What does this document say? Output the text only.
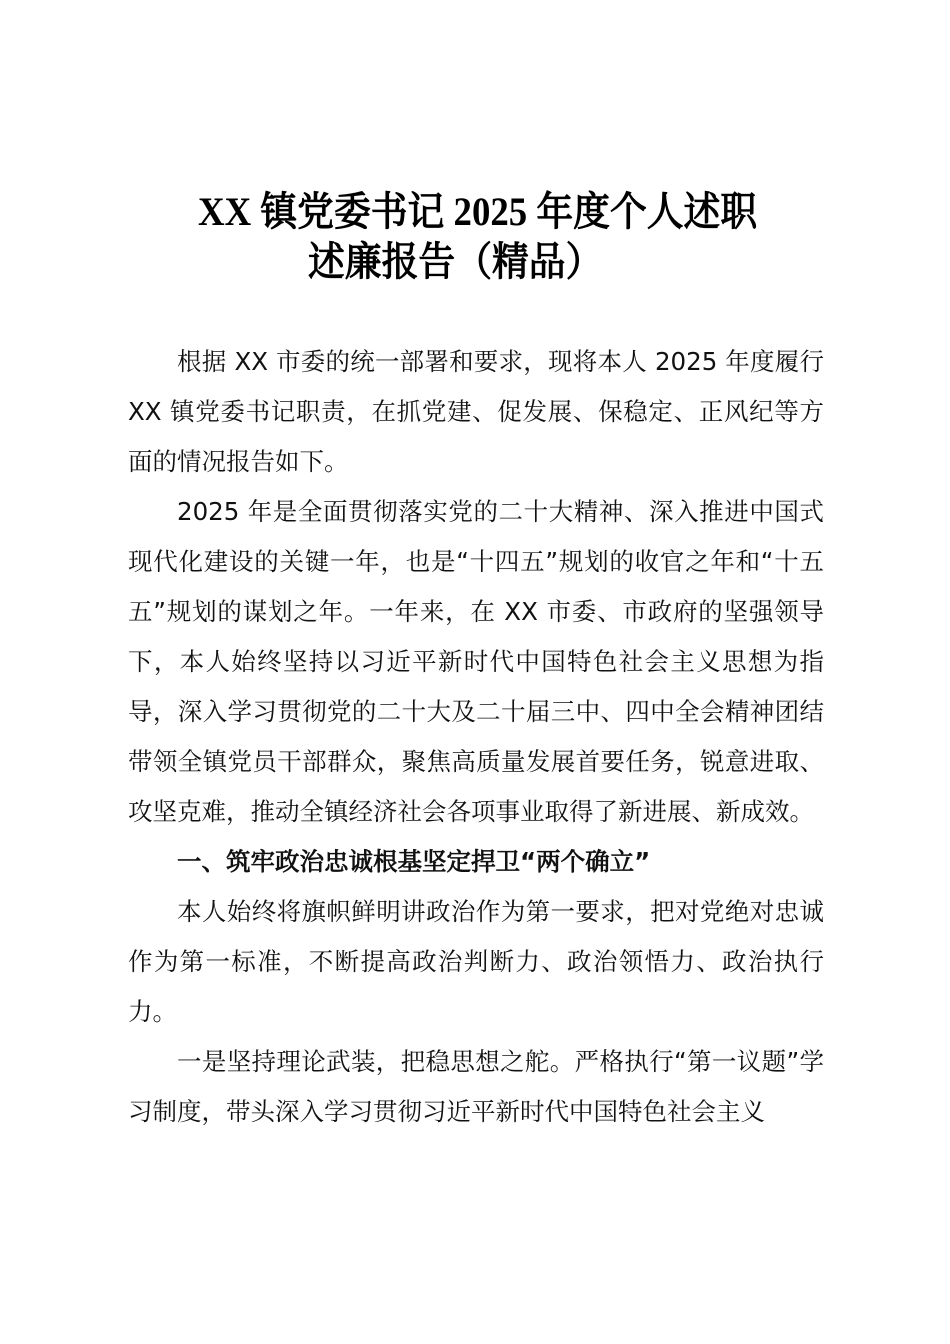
XX 镇党委书记 2025 年度个人述职
述廉报告（精品）

根据 XX 市委的统一部署和要求，现将本人 2025 年度履行 XX 镇党委书记职责，在抓党建、促发展、保稳定、正风纪等方面的情况报告如下。

2025 年是全面贯彻落实党的二十大精神、深入推进中国式现代化建设的关键一年，也是“十四五”规划的收官之年和“十五五”规划的谋划之年。一年来，在 XX 市委、市政府的坚强领导下，本人始终坚持以习近平新时代中国特色社会主义思想为指导，深入学习贯彻党的二十大及二十届三中、四中全会精神团结带领全镇党员干部群众，聚焦高质量发展首要任务，锐意进取、攻坚克难，推动全镇经济社会各项事业取得了新进展、新成效。

一、筑牢政治忠诚根基坚定捍卫“两个确立”

本人始终将旗帜鲜明讲政治作为第一要求，把对党绝对忠诚作为第一标准，不断提高政治判断力、政治领悟力、政治执行力。

一是坚持理论武装，把稳思想之舵。严格执行“第一议题”学习制度，带头深入学习贯彻习近平新时代中国特色社会主义
